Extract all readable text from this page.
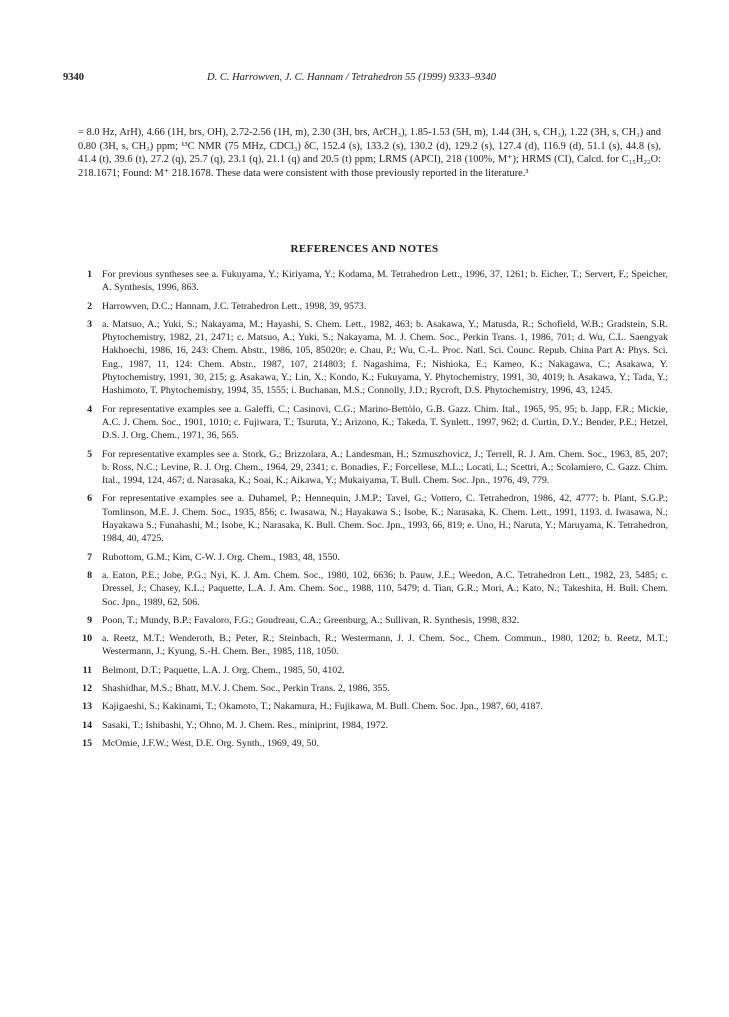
9340	D. C. Harrowven, J. C. Hannam / Tetrahedron 55 (1999) 9333–9340

= 8.0 Hz, ArH), 4.66 (1H, brs, OH), 2.72-2.56 (1H, m), 2.30 (3H, brs, ArCH₃), 1.85-1.53 (5H, m), 1.44 (3H, s, CH₃), 1.22 (3H, s, CH₃) and 0.80 (3H, s, CH₃) ppm; ¹³C NMR (75 MHz, CDCl₃) δC, 152.4 (s), 133.2 (s), 130.2 (d), 129.2 (s), 127.4 (d), 116.9 (d), 51.1 (s), 44.8 (s), 41.4 (t), 39.6 (t), 27.2 (q), 25.7 (q), 23.1 (q), 21.1 (q) and 20.5 (t) ppm; LRMS (APCI), 218 (100%, M⁺); HRMS (CI), Calcd. for C₁₅H₂₂O: 218.1671; Found: M⁺ 218.1678. These data were consistent with those previously reported in the literature.³

REFERENCES AND NOTES
1 For previous syntheses see a. Fukuyama, Y.; Kiriyama, Y.; Kodama, M. Tetrahedron Lett., 1996, 37, 1261; b. Eicher, T.; Servert, F.; Speicher, A. Synthesis, 1996, 863.
2 Harrowven, D.C.; Hannam, J.C. Tetrahedron Lett., 1998, 39, 9573.
3 a. Matsuo, A.; Yuki, S.; Nakayama, M.; Hayashi, S. Chem. Lett., 1982, 463; b. Asakawa, Y.; Matusda, R.; Schofield, W.B.; Gradstein, S.R. Phytochemistry, 1982, 21, 2471; c. Matsuo, A.; Yuki, S.; Nakayama, M. J. Chem. Soc., Perkin Trans. 1, 1986, 701; d. Wu, C.L. Saengyak Hakhoechi, 1986, 16, 243: Chem. Abstr., 1986, 105, 85020r; e. Chau, P.; Wu, C.-L. Proc. Natl. Sci. Counc. Repub. China Part A: Phys. Sci. Eng., 1987, 11, 124: Chem. Abstr., 1987, 107, 214803; f. Nagashima, F.; Nishioka, E.; Kameo, K.; Nakagawa, C.; Asakawa, Y. Phytochemistry, 1991, 30, 215; g. Asakawa, Y.; Lin, X.; Kondo, K.; Fukuyama, Y. Phytochemistry, 1991, 30, 4019; h. Asakawa, Y.; Tada, Y.; Hashimoto, T. Phytochemistry, 1994, 35, 1555; i. Buchanan, M.S.; Connolly, J.D.; Rycroft, D.S. Phytochemistry, 1996, 43, 1245.
4 For representative examples see a. Galeffi, C.; Casinovi, C.G.; Marino-Bettòlo, G.B. Gazz. Chim. Ital., 1965, 95, 95; b. Japp, F.R.; Mickie, A.C. J. Chem. Soc., 1901, 1010; c. Fujiwara, T.; Tsuruta, Y.; Arizono, K.; Takeda, T. Synlett., 1997, 962; d. Curtin, D.Y.; Bender, P.E.; Hetzel, D.S. J. Org. Chem., 1971, 36, 565.
5 For representative examples see a. Stork, G.; Brizzolara, A.; Landesman, H.; Szmuszhovicz, J.; Terrell, R. J. Am. Chem. Soc., 1963, 85, 207; b. Ross, N.C.; Levine, R. J. Org. Chem., 1964, 29, 2341; c. Bonadies, F.; Forcellese, M.L.; Locati, L.; Scettri, A.; Scolamiero, C. Gazz. Chim. Ital., 1994, 124, 467; d. Narasaka, K.; Soai, K.; Aikawa, Y.; Mukaiyama, T. Bull. Chem. Soc. Jpn., 1976, 49, 779.
6 For representative examples see a. Duhamel, P.; Hennequin, J.M.P.; Tavel, G.; Vottero, C. Tetrahedron, 1986, 42, 4777; b. Plant, S.G.P.; Tomlinson, M.E. J. Chem. Soc., 1935, 856; c. Iwasawa, N.; Hayakawa S.; Isobe, K.; Narasaka, K. Chem. Lett., 1991, 1193. d. Iwasawa, N.; Hayakawa S.; Funahashi, M.; Isobe, K.; Narasaka, K. Bull. Chem. Soc. Jpn., 1993, 66, 819; e. Uno, H.; Naruta, Y.; Maruyama, K. Tetrahedron, 1984, 40, 4725.
7 Rubottom, G.M.; Kim, C-W. J. Org. Chem., 1983, 48, 1550.
8 a. Eaton, P.E.; Jobe, P.G.; Nyi, K. J. Am. Chem. Soc., 1980, 102, 6636; b. Pauw, J.E.; Weedon, A.C. Tetrahedron Lett., 1982, 23, 5485; c. Dressel, J.; Chasey, K.L.; Paquette, L.A. J. Am. Chem. Soc., 1988, 110, 5479; d. Tian, G.R.; Mori, A.; Kato, N.; Takeshita, H. Bull. Chem. Soc. Jpn., 1989, 62, 506.
9 Poon, T.; Mundy, B.P.; Favaloro, F.G.; Goudreau, C.A.; Greenburg, A.; Sullivan, R. Synthesis, 1998, 832.
10 a. Reetz, M.T.; Wenderoth, B.; Peter, R.; Steinbach, R.; Westermann, J. J. Chem. Soc., Chem. Commun., 1980, 1202; b. Reetz, M.T.; Westermann, J.; Kyung, S.-H. Chem. Ber., 1985, 118, 1050.
11 Belmont, D.T.; Paquette, L.A. J. Org. Chem., 1985, 50, 4102.
12 Shashidhar, M.S.; Bhatt, M.V. J. Chem. Soc., Perkin Trans. 2, 1986, 355.
13 Kajigaeshi, S.; Kakinami, T.; Okamoto, T.; Nakamura, H.; Fujikawa, M. Bull. Chem. Soc. Jpn., 1987, 60, 4187.
14 Sasaki, T.; Ishibashi, Y.; Ohno, M. J. Chem. Res., miniprint, 1984, 1972.
15 McOmie, J.F.W.; West, D.E. Org. Synth., 1969, 49, 50.
